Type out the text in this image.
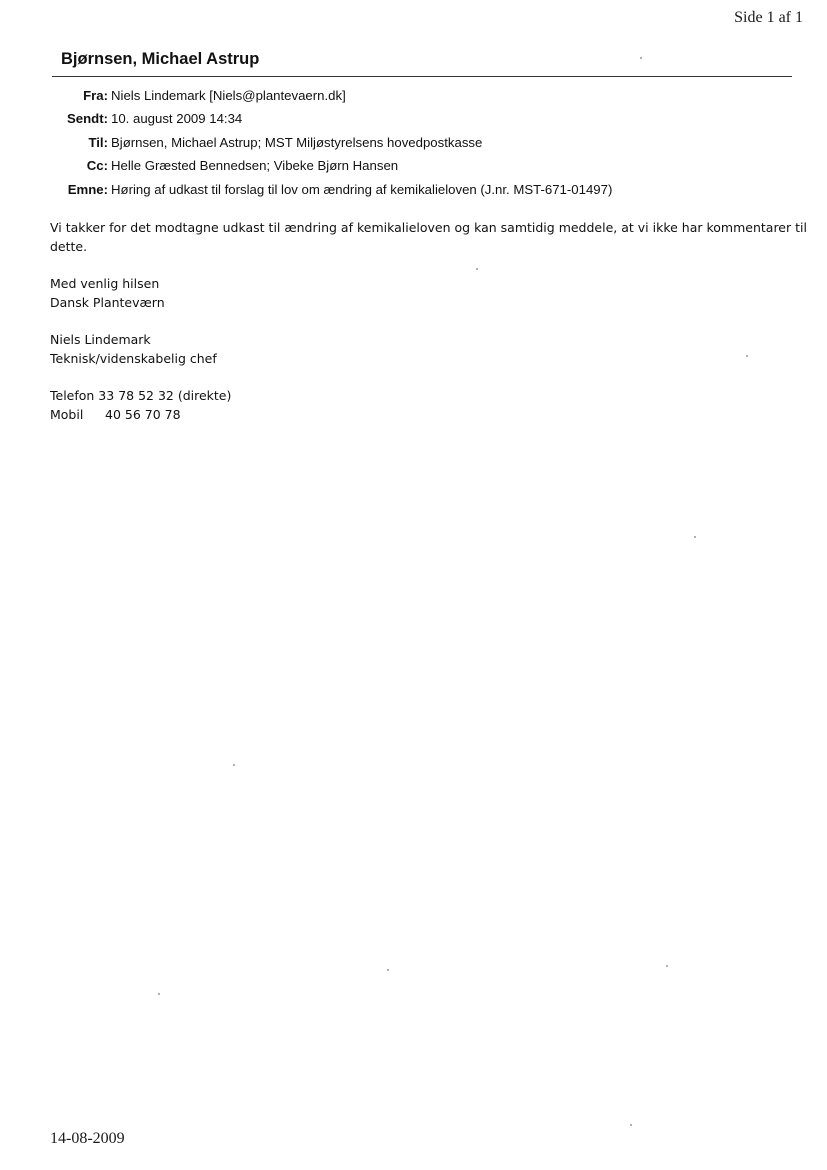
Side 1 af 1
Bjørnsen, Michael Astrup
Fra: Niels Lindemark [Niels@plantevaern.dk]
Sendt: 10. august 2009 14:34
Til: Bjørnsen, Michael Astrup; MST Miljøstyrelsens hovedpostkasse
Cc: Helle Græsted Bennedsen; Vibeke Bjørn Hansen
Emne: Høring af udkast til forslag til lov om ændring af kemikalieloven (J.nr. MST-671-01497)
Vi takker for det modtagne udkast til ændring af kemikalieloven og kan samtidig meddele, at vi ikke har kommentarer til
dette.
Med venlig hilsen
Dansk Planteværn
Niels Lindemark
Teknisk/videnskabelig chef
Telefon 33 78 52 32 (direkte)
Mobil 40 56 70 78
14-08-2009
